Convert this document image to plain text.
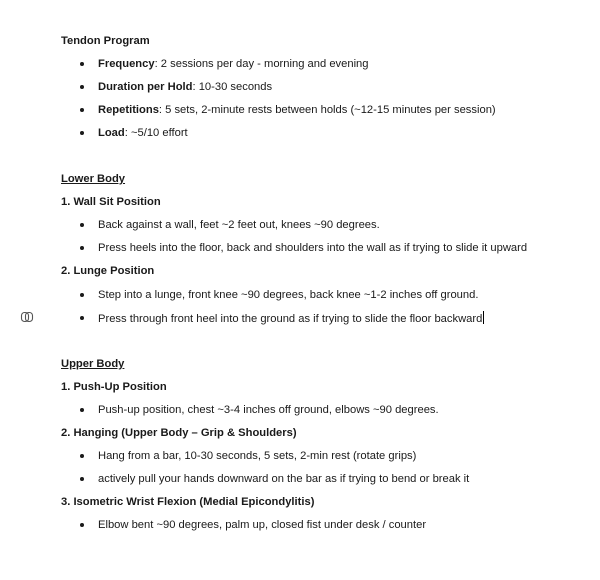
Tendon Program
Frequency: 2 sessions per day - morning and evening
Duration per Hold: 10-30 seconds
Repetitions: 5 sets, 2-minute rests between holds (~12-15 minutes per session)
Load: ~5/10 effort
Lower Body
1. Wall Sit Position
Back against a wall, feet ~2 feet out, knees ~90 degrees.
Press heels into the floor, back and shoulders into the wall as if trying to slide it upward
2. Lunge Position
Step into a lunge, front knee ~90 degrees, back knee ~1-2 inches off ground.
Press through front heel into the ground as if trying to slide the floor backward
Upper Body
1. Push-Up Position
Push-up position, chest ~3-4 inches off ground, elbows ~90 degrees.
2. Hanging (Upper Body – Grip & Shoulders)
Hang from a bar, 10-30 seconds, 5 sets, 2-min rest (rotate grips)
actively pull your hands downward on the bar as if trying to bend or break it
3. Isometric Wrist Flexion (Medial Epicondylitis)
Elbow bent ~90 degrees, palm up, closed fist under desk / counter
